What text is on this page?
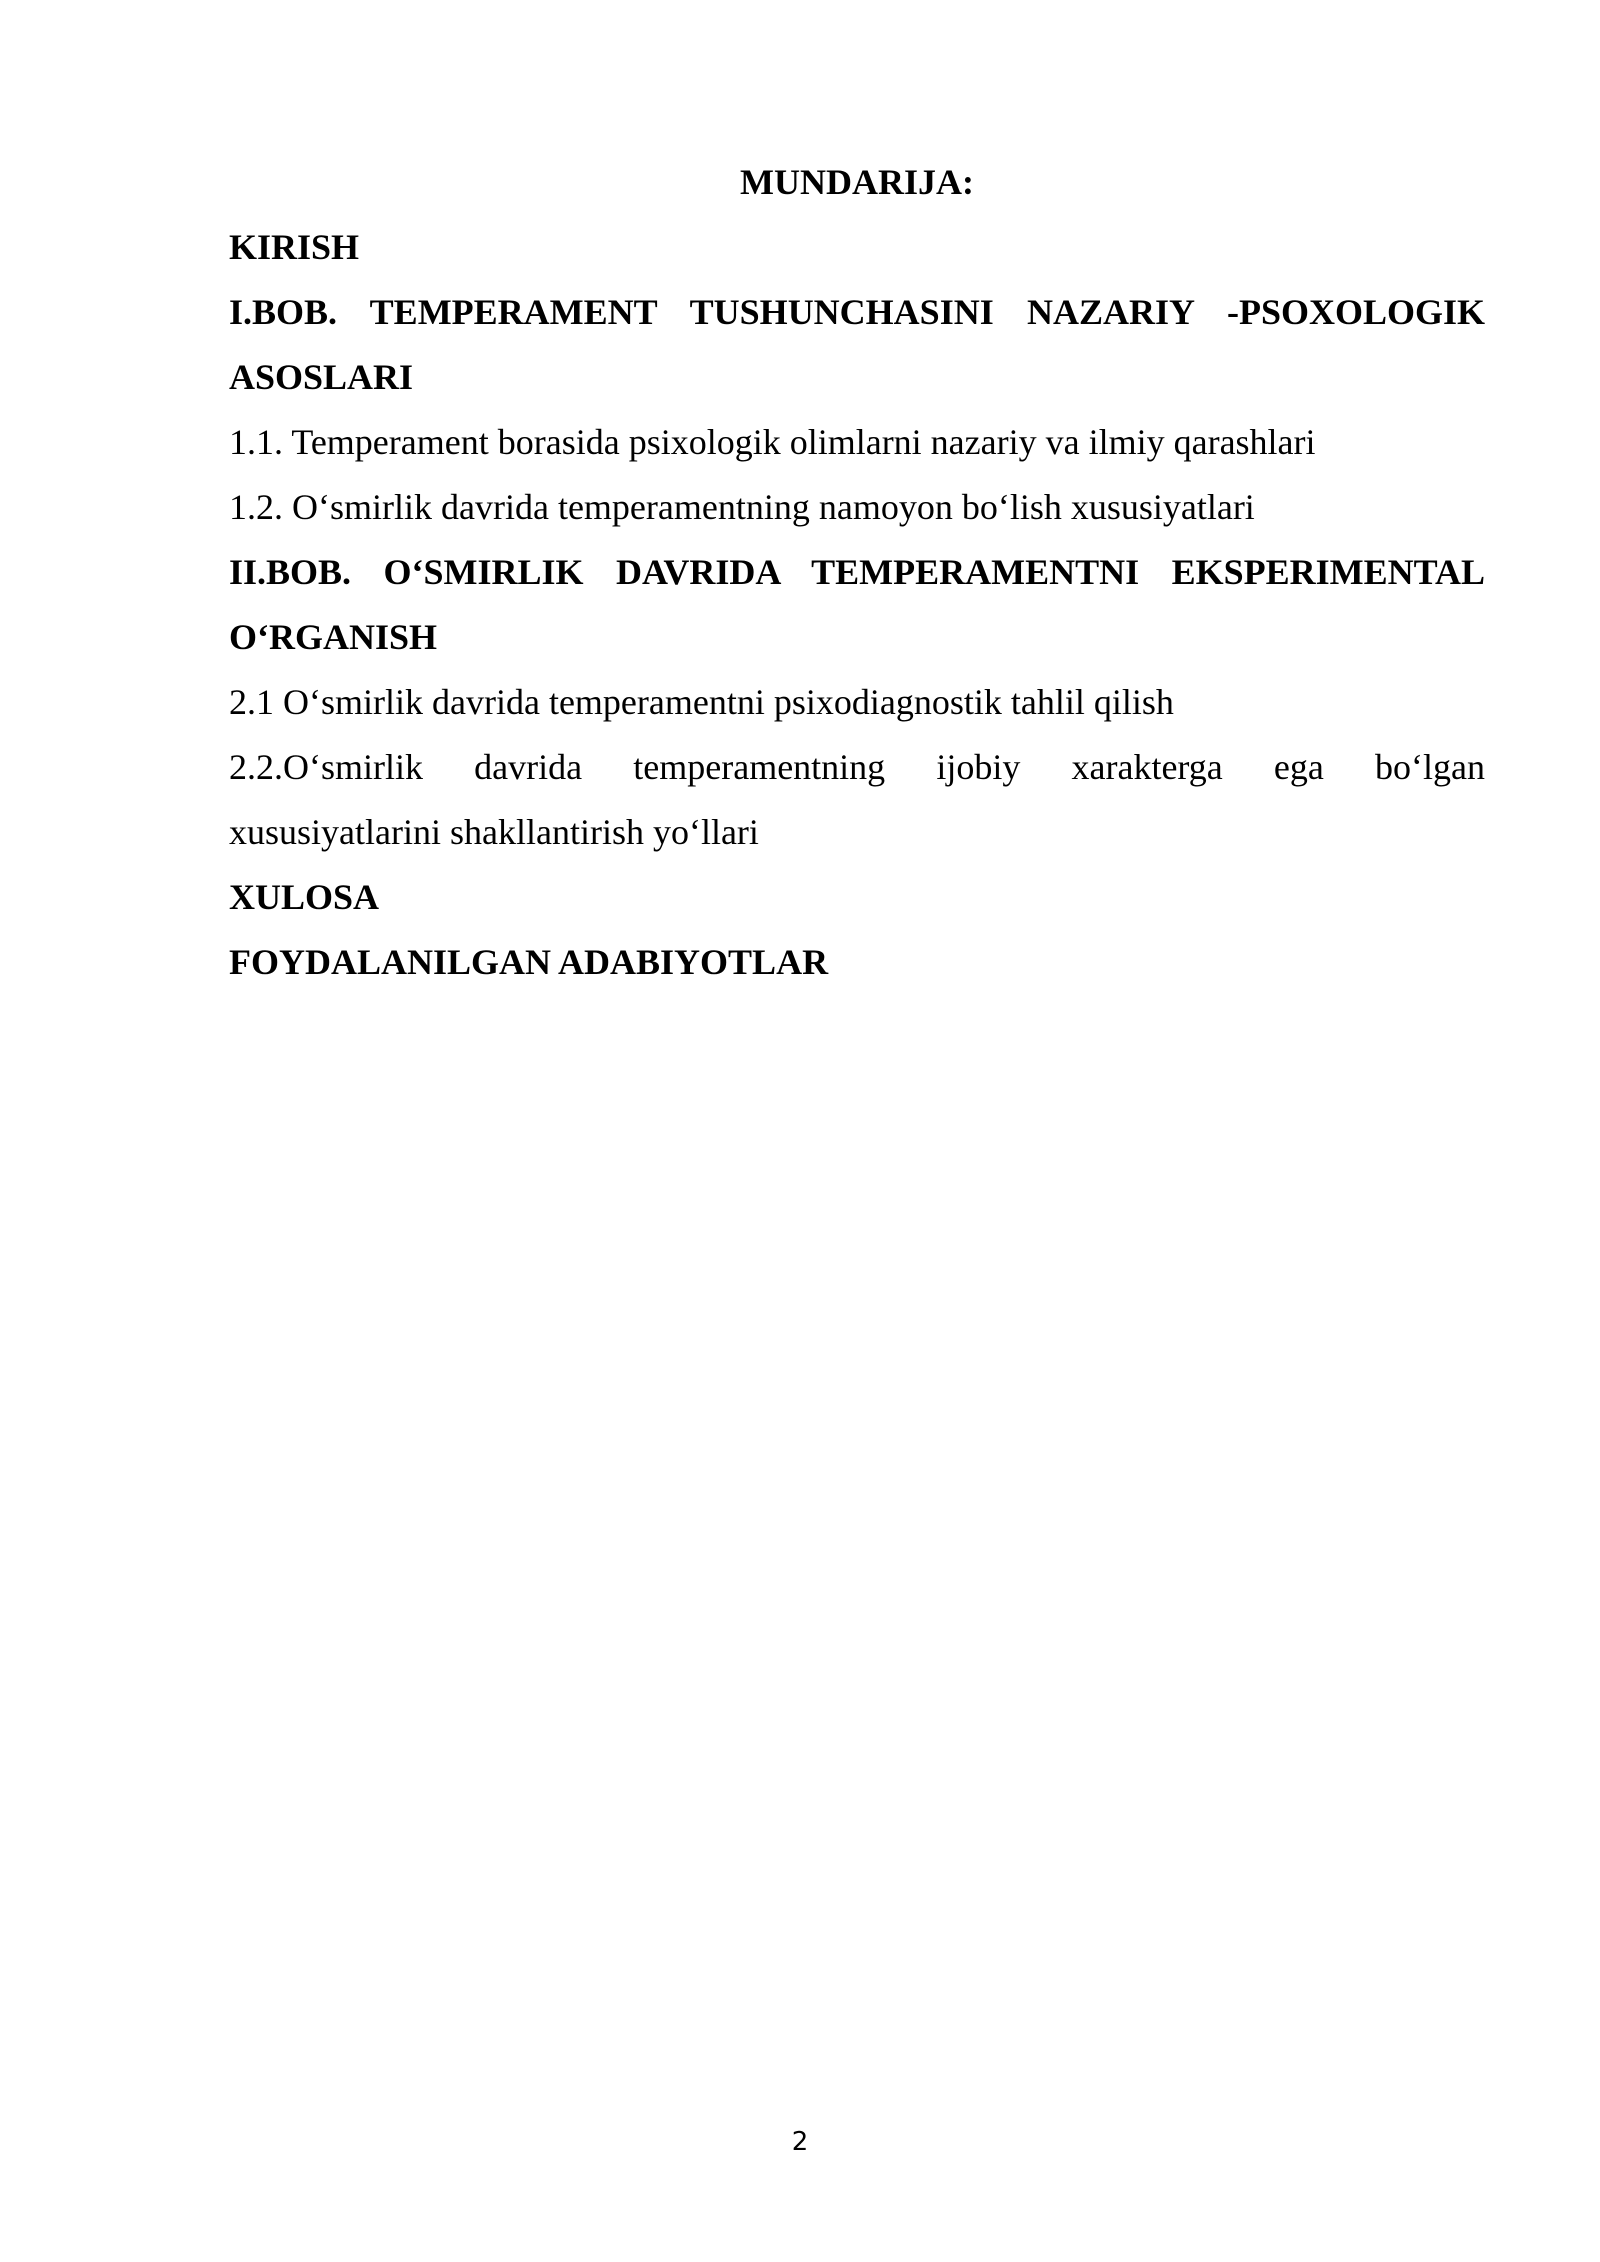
MUNDARIJA:

KIRISH

I.BOB. TEMPERAMENT TUSHUNCHASINI NAZARIY -PSOXOLOGIK
ASOSLARI

1.1. Temperament borasida psixologik olimlarni nazariy va ilmiy qarashlari

1.2. O‘smirlik davrida temperamentning namoyon bo‘lish xususiyatlari

II.BOB. O‘SMIRLIK DAVRIDA TEMPERAMENTNI EKSPERIMENTAL
O‘RGANISH

2.1 O‘smirlik davrida temperamentni psixodiagnostik tahlil qilish

2.2.O‘smirlik davrida temperamentning ijobiy xarakterga ega bo‘lgan
xususiyatlarini shakllantirish yo‘llari

XULOSA

FOYDALANILGAN ADABIYOTLAR

2
